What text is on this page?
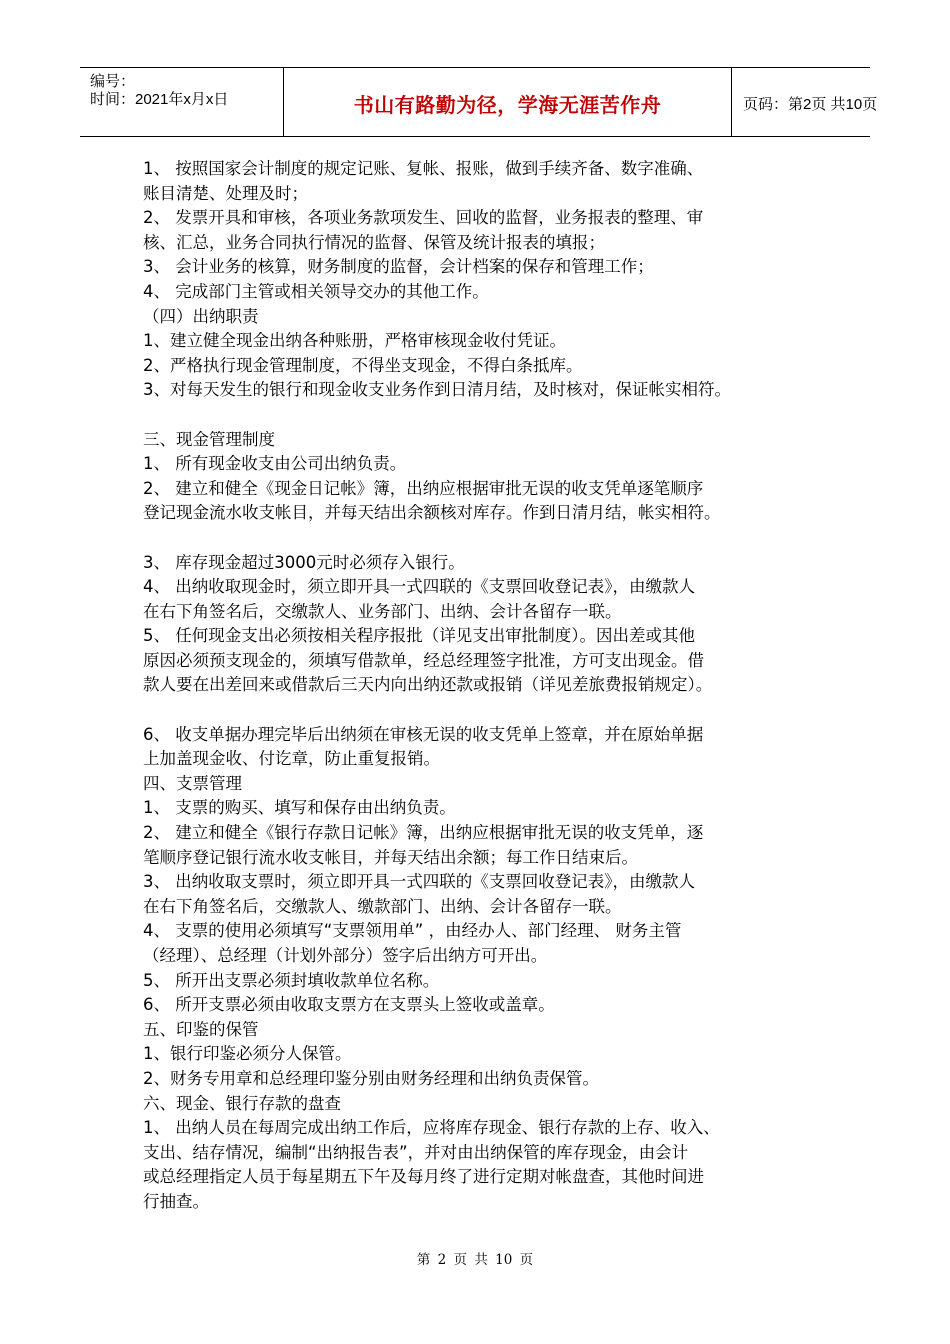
编号：
时间：2021年x月x日	书山有路勤为径，学海无涯苦作舟	页码：第2页 共10页

1、 按照国家会计制度的规定记账、复帐、报账，做到手续齐备、数字准确、

账目清楚、处理及时；

2、 发票开具和审核，各项业务款项发生、回收的监督，业务报表的整理、审

核、汇总，业务合同执行情况的监督、保管及统计报表的填报；

3、 会计业务的核算，财务制度的监督，会计档案的保存和管理工作；

4、 完成部门主管或相关领导交办的其他工作。

（四）出纳职责

1、建立健全现金出纳各种账册，严格审核现金收付凭证。

2、严格执行现金管理制度，不得坐支现金，不得白条抵库。

3、对每天发生的银行和现金收支业务作到日清月结，及时核对，保证帐实相符。

三、现金管理制度

1、 所有现金收支由公司出纳负责。

2、 建立和健全《现金日记帐》簿，出纳应根据审批无误的收支凭单逐笔顺序

登记现金流水收支帐目，并每天结出余额核对库存。作到日清月结，帐实相符。

3、 库存现金超过3000元时必须存入银行。

4、 出纳收取现金时，须立即开具一式四联的《支票回收登记表》，由缴款人

在右下角签名后，交缴款人、业务部门、出纳、会计各留存一联。

5、 任何现金支出必须按相关程序报批（详见支出审批制度）。因出差或其他

原因必须预支现金的，须填写借款单，经总经理签字批准，方可支出现金。借

款人要在出差回来或借款后三天内向出纳还款或报销（详见差旅费报销规定）。

6、 收支单据办理完毕后出纳须在审核无误的收支凭单上签章，并在原始单据

上加盖现金收、付讫章，防止重复报销。

四、支票管理

1、 支票的购买、填写和保存由出纳负责。

2、 建立和健全《银行存款日记帐》簿，出纳应根据审批无误的收支凭单，逐

笔顺序登记银行流水收支帐目，并每天结出余额；每工作日结束后。

3、 出纳收取支票时，须立即开具一式四联的《支票回收登记表》，由缴款人

在右下角签名后，交缴款人、缴款部门、出纳、会计各留存一联。

4、 支票的使用必须填写“支票领用单” ，由经办人、部门经理、 财务主管

（经理）、总经理（计划外部分）签字后出纳方可开出。

5、 所开出支票必须封填收款单位名称。

6、 所开支票必须由收取支票方在支票头上签收或盖章。

五、印鉴的保管

1、银行印鉴必须分人保管。

2、财务专用章和总经理印鉴分别由财务经理和出纳负责保管。

六、现金、银行存款的盘查

1、 出纳人员在每周完成出纳工作后，应将库存现金、银行存款的上存、收入、

支出、结存情况，编制“出纳报告表”，并对由出纳保管的库存现金，由会计

或总经理指定人员于每星期五下午及每月终了进行定期对帐盘查，其他时间进

行抽查。

第 2 页 共 10 页
